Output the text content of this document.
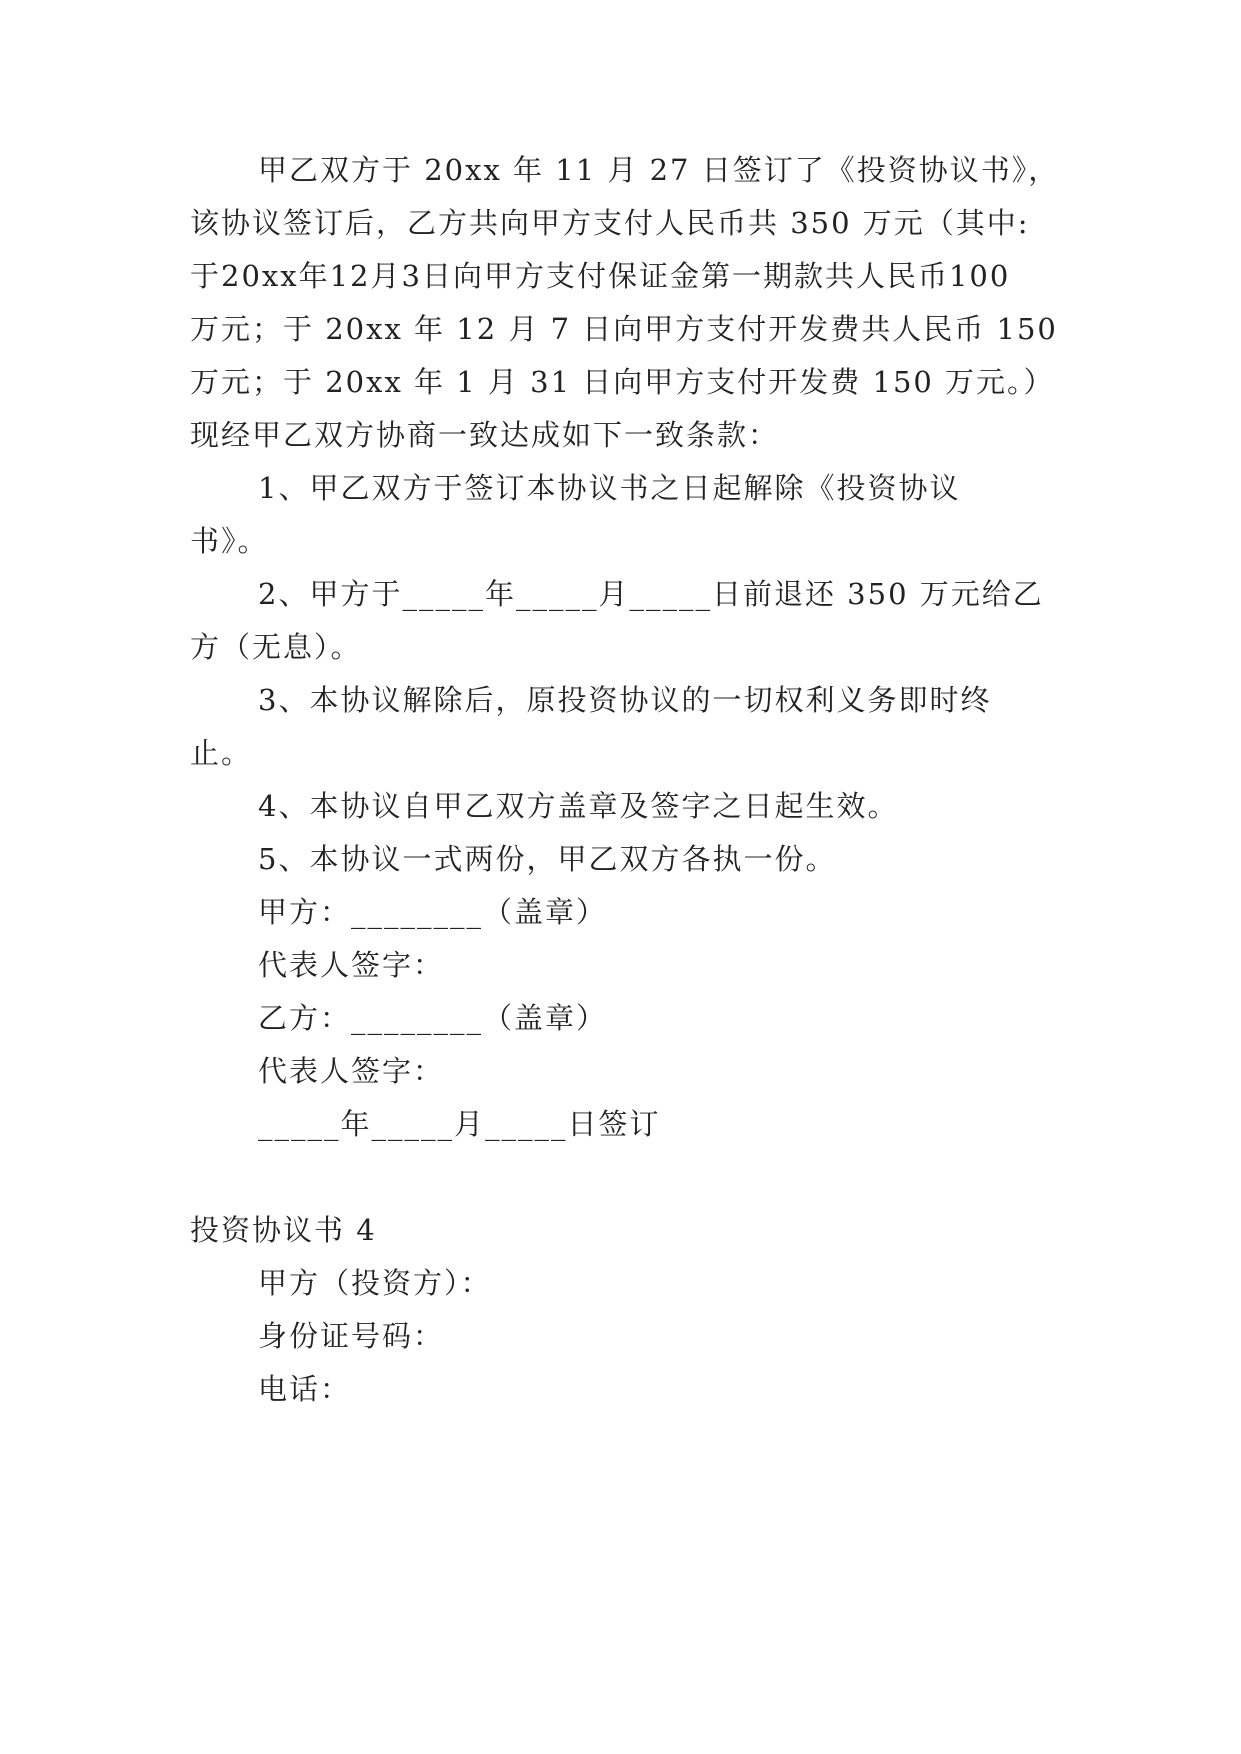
甲乙双方于 20xx 年 11 月 27 日签订了《投资协议书》，
该协议签订后，乙方共向甲方支付人民币共 350 万元（其中:
于20xx年12月3日向甲方支付保证金第一期款共人民币100
万元；于 20xx 年 12 月 7 日向甲方支付开发费共人民币 150
万元；于 20xx 年 1 月 31 日向甲方支付开发费 150 万元。）
现经甲乙双方协商一致达成如下一致条款：
1、甲乙双方于签订本协议书之日起解除《投资协议
书》。
2、甲方于_____年_____月_____日前退还 350 万元给乙
方（无息）。
3、本协议解除后，原投资协议的一切权利义务即时终
止。
4、本协议自甲乙双方盖章及签字之日起生效。
5、本协议一式两份，甲乙双方各执一份。
甲方：________（盖章）
代表人签字：
乙方：________（盖章）
代表人签字：
_____年_____月_____日签订
投资协议书 4
甲方（投资方）：
身份证号码：
电话：
